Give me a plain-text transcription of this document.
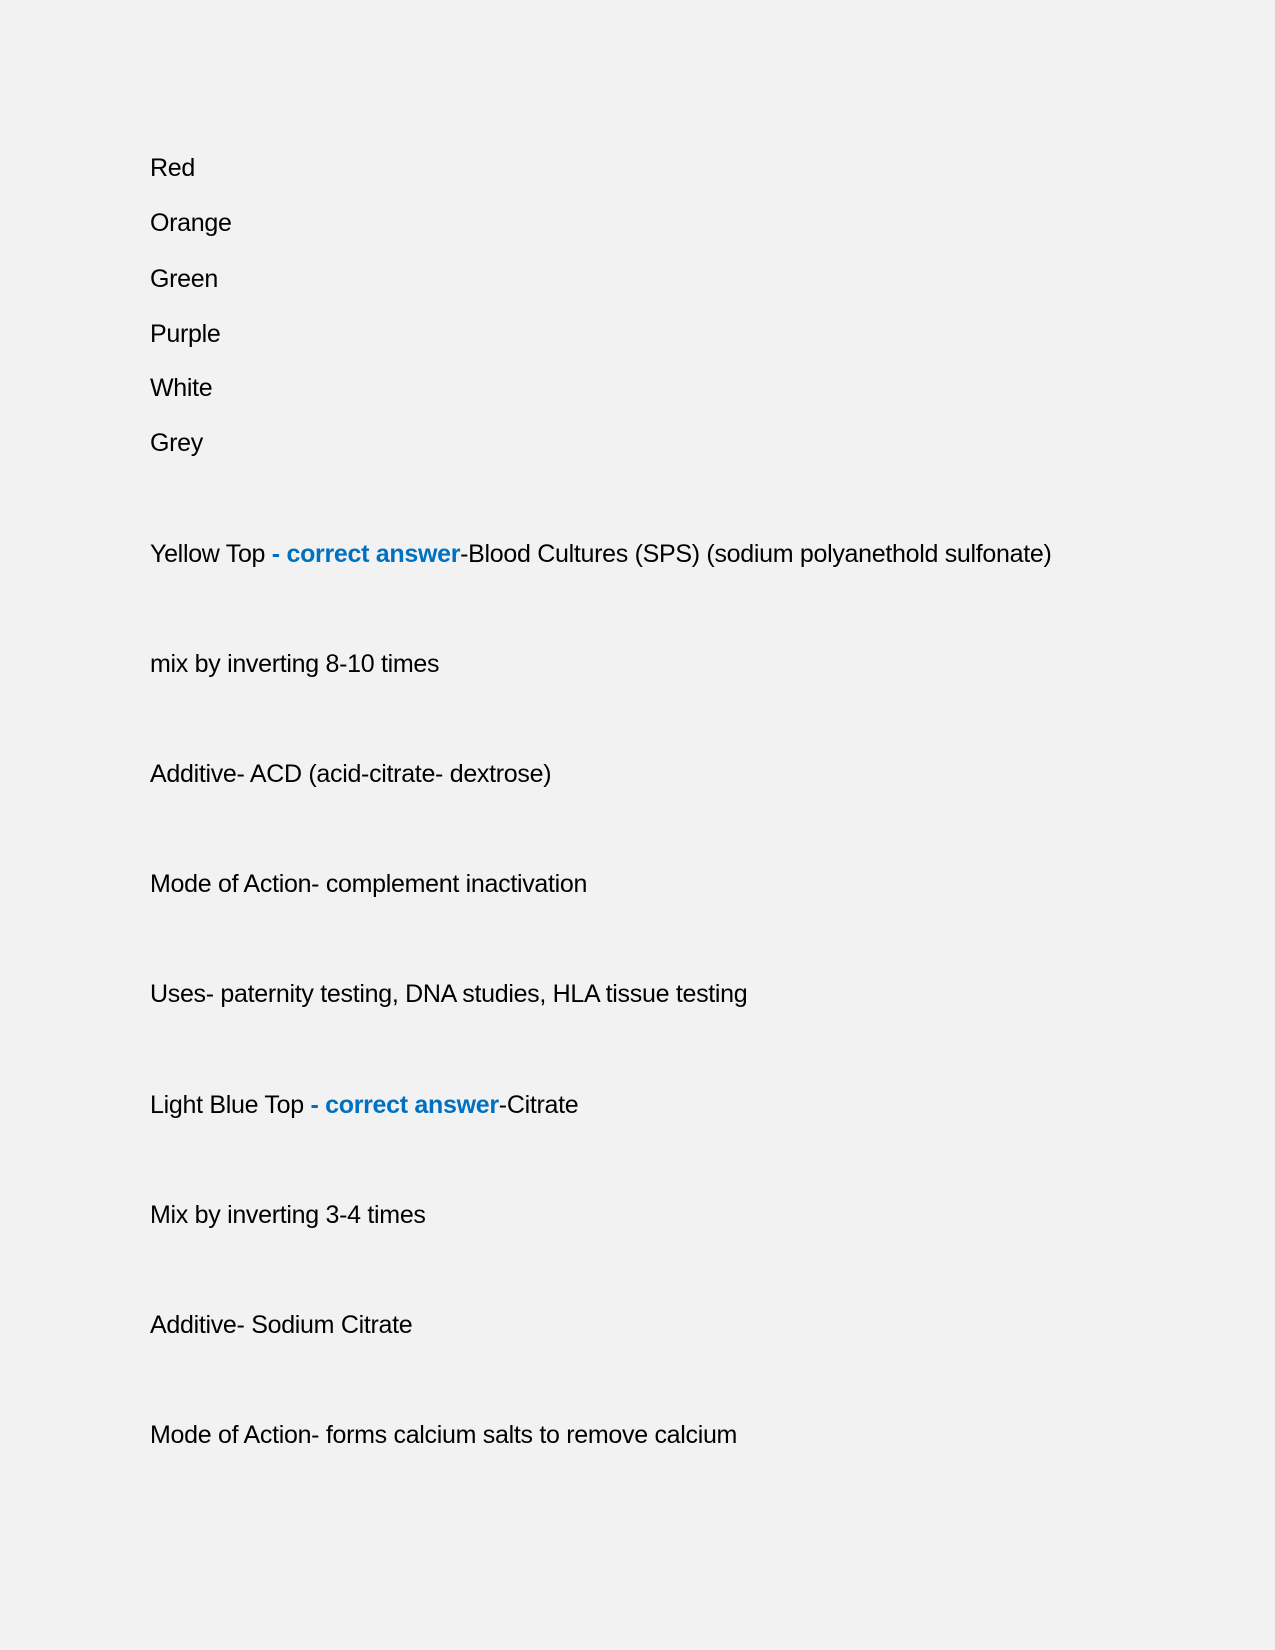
Red
Orange
Green
Purple
White
Grey
Yellow Top - correct answer-Blood Cultures (SPS) (sodium polyanethold sulfonate)
mix by inverting 8-10 times
Additive- ACD (acid-citrate- dextrose)
Mode of Action- complement inactivation
Uses- paternity testing, DNA studies, HLA tissue testing
Light Blue Top - correct answer-Citrate
Mix by inverting 3-4 times
Additive- Sodium Citrate
Mode of Action- forms calcium salts to remove calcium
